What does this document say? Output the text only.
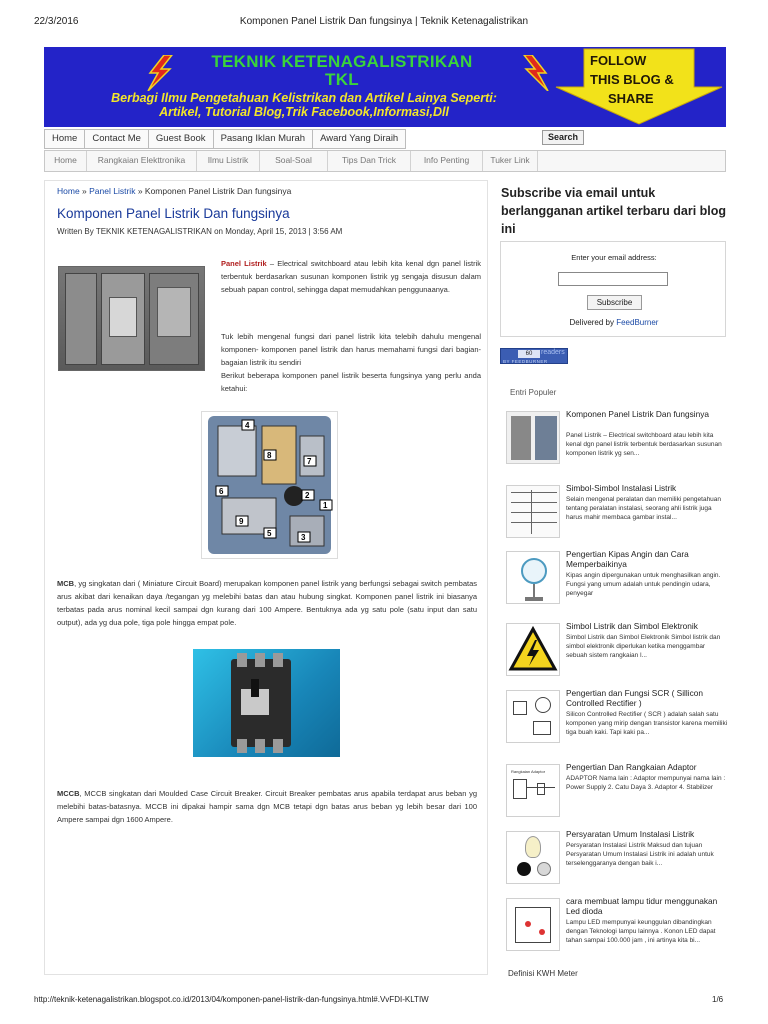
22/3/2016	Komponen Panel Listrik Dan fungsinya | Teknik Ketenagalistrikan
TEKNIK KETENAGALISTRIKAN TKL
Berbagi Ilmu Pengetahuan Kelistrikan dan Artikel Lainya Seperti:
Artikel, Tutorial Blog,Trik Facebook,Informasi,Dll
FOLLOW
THIS BLOG &
SHARE
Home	Contact Me	Guest Book	Pasang Iklan Murah	Award Yang Diraih	Search
Home	Rangkaian Elekttronika	Ilmu Listrik	Soal-Soal	Tips Dan Trick	Info Penting	Tuker Link
Home » Panel Listrik » Komponen Panel Listrik Dan fungsinya
Komponen Panel Listrik Dan fungsinya
Written By TEKNIK KETENAGALISTRIKAN on Monday, April 15, 2013 | 3:56 AM
Panel Listrik – Electrical switchboard atau lebih kita kenal dgn panel listrik terbentuk berdasarkan susunan komponen listrik yg sengaja disusun dalam sebuah papan control, sehingga dapat memudahkan penggunaanya.
Tuk lebih mengenal fungsi dari panel listrik kita telebih dahulu mengenal komponen- komponen panel listrik dan harus memahami fungsi dari bagian-bagaian listrik itu sendiri
Berikut beberapa komponen panel listrik beserta fungsinya yang perlu anda ketahui:
4
8
7
6	2
1
9
5	3
MCB, yg singkatan dari ( Miniature Circuit Board) merupakan komponen panel listrik yang berfungsi sebagai switch pembatas arus akibat dari kenaikan daya /tegangan yg melebihi batas dan atau hubung singkat. Komponen panel listrik ini biasanya terbatas pada arus nominal kecil sampai dgn kurang dari 100 Ampere. Bentuknya ada yg satu pole (satu input dan satu output), ada yg dua pole, tiga pole hingga empat pole.
MCCB, MCCB singkatan dari Moulded Case Circuit Breaker. Circuit Breaker pembatas arus apabila terdapat arus beban yg melebihi batas-batasnya. MCCB ini dipakai hampir sama dgn MCB tetapi dgn batas arus beban yg lebih besar dari 100 Ampere sampai dgn 1600 Ampere.
Subscribe via email untuk berlangganan artikel terbaru dari blog ini
Enter your email address:
Subscribe
Delivered by FeedBurner
60	readers
BY FEEDBURNER
Entri Populer
Komponen Panel Listrik Dan fungsinya
Panel Listrik – Electrical switchboard atau lebih kita kenal dgn panel listrik terbentuk berdasarkan susunan komponen listrik yg sen...
Simbol-Simbol Instalasi Listrik
Selain mengenal peralatan dan memiliki pengetahuan tentang peralatan instalasi, seorang ahli listrik juga harus mahir membaca gambar instal...
Pengertian Kipas Angin dan Cara Memperbaikinya
Kipas angin dipergunakan untuk menghasilkan angin. Fungsi yang umum adalah untuk pendingin udara, penyegar
Simbol Listrik dan Simbol Elektronik
Simbol Listrik dan Simbol Elektronik Simbol listrik dan simbol elektronik diperlukan ketika menggambar sebuah sistem rangkaian l...
Pengertian dan Fungsi SCR ( Sillicon Controlled Rectifier )
Silicon Controlled Rectifier ( SCR ) adalah salah satu komponen yang mirip dengan transistor karena memiliki tiga buah kaki. Tapi kaki pa...
Rangkaian Adaptor	Pengertian Dan Rangkaian Adaptor
ADAPTOR Nama lain : Adaptor mempunyai nama lain : Power Supply 2. Catu Daya 3. Adaptor 4. Stabilizer
Persyaratan Umum Instalasi Listrik
Persyaratan Instalasi Listrik Maksud dan tujuan Persyaratan Umum Instalasi Listrik ini adalah untuk terselenggaranya dengan baik i...
cara membuat lampu tidur menggunakan Led dioda
Lampu LED mempunyai keunggulan dibandingkan dengan Teknologi lampu lainnya . Konon LED dapat tahan sampai 100.000 jam , ini artinya kita bi...
Definisi KWH Meter
http://teknik-ketenagalistrikan.blogspot.co.id/2013/04/komponen-panel-listrik-dan-fungsinya.html#.VvFDI-KLTIW	1/6
